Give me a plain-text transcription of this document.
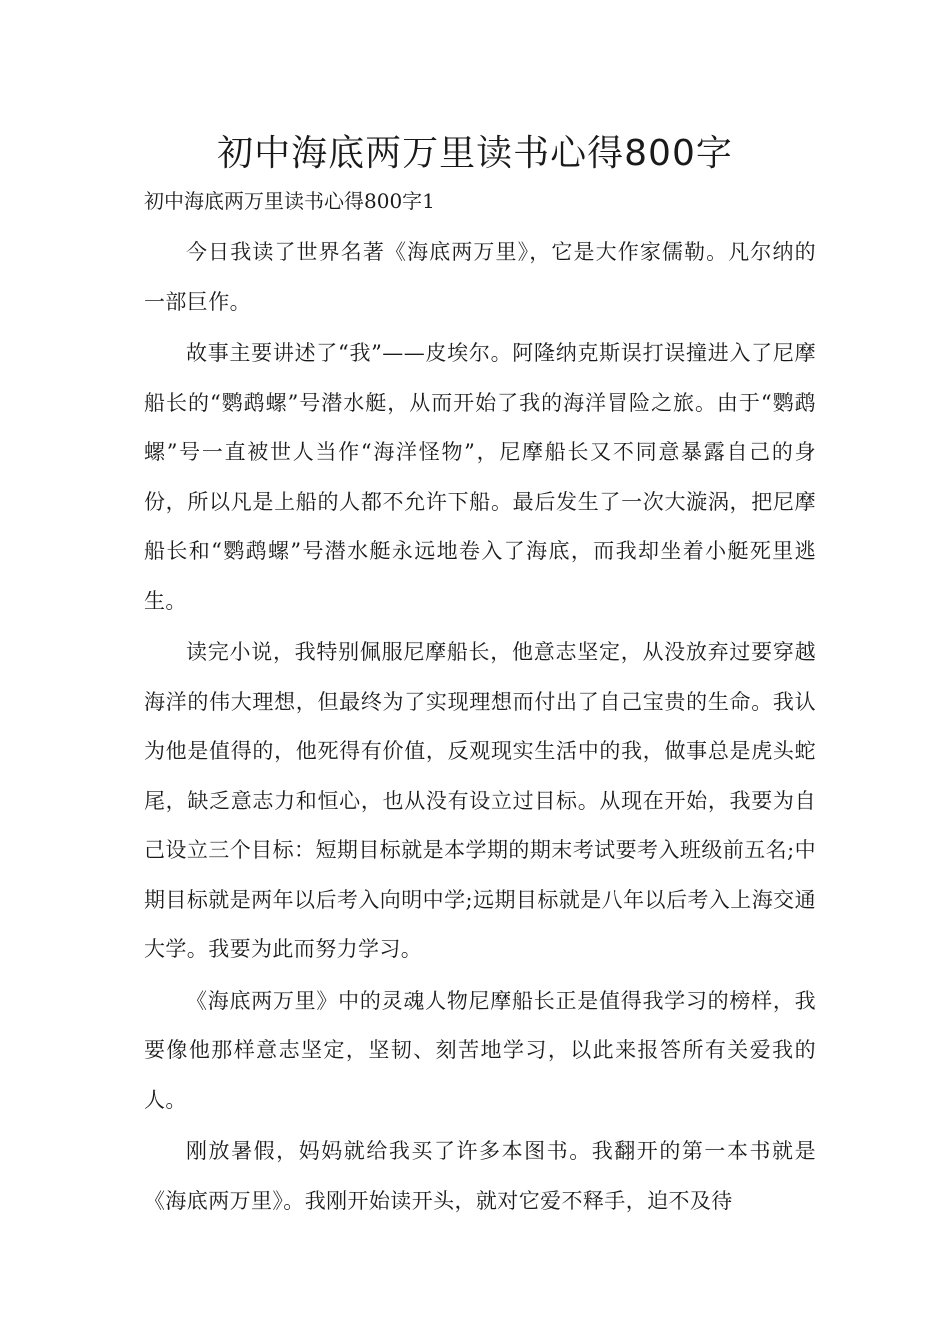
初中海底两万里读书心得800字
初中海底两万里读书心得800字1

今日我读了世界名著《海底两万里》，它是大作家儒勒。凡尔纳的一部巨作。

故事主要讲述了“我”——皮埃尔。阿隆纳克斯误打误撞进入了尼摩船长的“鹦鹉螺”号潜水艇，从而开始了我的海洋冒险之旅。由于“鹦鹉螺”号一直被世人当作“海洋怪物”，尼摩船长又不同意暴露自己的身份，所以凡是上船的人都不允许下船。最后发生了一次大漩涡，把尼摩船长和“鹦鹉螺”号潜水艇永远地卷入了海底，而我却坐着小艇死里逃生。

读完小说，我特别佩服尼摩船长，他意志坚定，从没放弃过要穿越海洋的伟大理想，但最终为了实现理想而付出了自己宝贵的生命。我认为他是值得的，他死得有价值，反观现实生活中的我，做事总是虎头蛇尾，缺乏意志力和恒心，也从没有设立过目标。从现在开始，我要为自己设立三个目标：短期目标就是本学期的期末考试要考入班级前五名;中期目标就是两年以后考入向明中学;远期目标就是八年以后考入上海交通大学。我要为此而努力学习。

《海底两万里》中的灵魂人物尼摩船长正是值得我学习的榜样，我要像他那样意志坚定，坚韧、刻苦地学习，以此来报答所有关爱我的人。

刚放暑假，妈妈就给我买了许多本图书。我翻开的第一本书就是《海底两万里》。我刚开始读开头，就对它爱不释手，迫不及待
